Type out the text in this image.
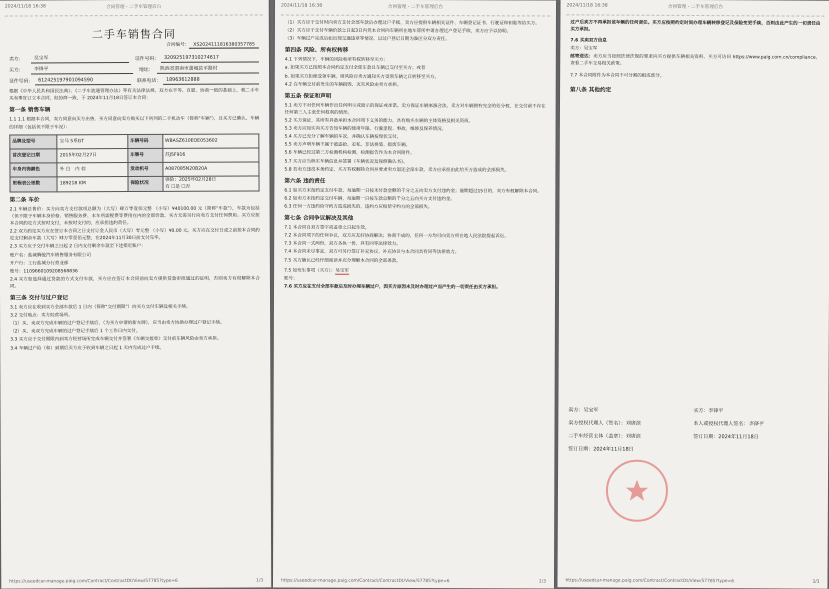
2024/11/18 16:38	合同管理 - 二手车管理后台
二手车销售合同
合同编号： XS2024111816380357785
卖方：	吴宝军	证件号码：	320925197310274617
买方：	李锋平	地址：	陕西省渭南市蒲城县平路村
证件号码：	612425197901094590	联系电话：	18963612888

根据《中华人民共和国民法典》、《二手车流通管理办法》等有关法律法规，双方在平等、自愿、协商一致的基础上，就二手车买卖事宜订立本合同，经协商一致，于 2024年11月18日签订本合同：

第一条 销售车辆

1.1 1.1 根据本合同，卖方同意向买方出售，买方同意向卖方购买以下所列的二手机动车（简称"车辆"），且买方已确认，车辆的详细（包括但不限于车况）：

品牌及型号	宝马 5系GT	车辆号码	WBASZ610EOE053602
首次登记日期	2015年02月27日	车牌号	苏J5F916
车身内饰颜色	外 白　 内 棕	发动机号	A087085N20B20A
里程表公里数	189218 KM	保险状况	强险：2025年02月28日
有 ☐是 ☐否
第二条 车价

2.1 车辆总售价：买方向卖方支付款项总额为（大写）肆万零壹佰元整 （小写）¥40100.00 元（简称"车款"），车款为包括（但不限于车辆本身价格、销售服务费、本车所需税费等费用在内的全部价款，买方无需另行向卖方支付任何费用。买方应按本合同约定方式按时支付，未按时支付的，应承担违约责任。

2.2 双方约定买方应在签订本合同之日支付订金人民币（大写）零元整 （小写）¥0.00 元。买方应在交付日或之前按本合同约定支付剩余车款（大写）肆万零壹佰元整，在2024年11月30日前支付完毕。

2.3 买方应于交付车辆之日起 2 日内支付剩余车款至下述指定账户：

账户名：盐城腾骏汽车销售服务有限公司

开户行：工行盐城分行营业部

账号：1109660109208568836

2.4 买方如选择通过贷款的方式支付车款，买方应在签订本合同前向卖方提供贷款审批通过的证明，否则卖方有权解除本合同。

第三条 交付与过户登记

3.1 卖方应在收到买方全部车款后 1 日内（简称"交付期限"）向买方交付车辆及相关手续。

3.2 交付地点：卖方经营场所。

（1）买、卖双方完成车辆的过户登记手续后，（为买方申请的新车牌），应当由卖方协助办理过户登记手续。

（2）买、卖双方完成车辆的过户登记手续后 1 个工作日内交付。

3.3 买方应于交付期限内到卖方经营场所完成车辆交付并签署《车辆交接单》交付前车辆风险由卖方承担。

3.4 车辆过户给（和）到期后买方应于收到车辆之日起 1 天内完成过户手续。

https://useedcar-manage.paig.com/Contract/ContractDt/View/57785?type=6	1/3
2024/11/18 16:38	合同管理 - 二手车管理后台

（1）买方应于交付时向卖方支付全部车款后办理过户手续，卖方应提供车辆相关证件、车辆登记证书、行驶证和钥匙等给买方。

（2）买方应于支付车辆价款之日起3日内凭本合同向车辆所在地车管所申请办理过户登记手续，卖方应予以协助。

（3）车辆过户完成后如出现交通违章等情况，以过户登记日期为准区分双方责任。

第四条 风险、所有权转移

4.1 下列情况下，车辆的风险和所有权转移至买方：

a. 如果买方已按照本合同约定支付全部车款且车辆已交付至买方；或者

b. 如果买方拒绝受领车辆，则风险自卖方通知买方受领车辆之日转移至买方。

4.2 在车辆交付前发生的车辆损毁、灭失风险由卖方承担。

第五条 保证和声明

5.1 卖方不对任何车辆作出任何明示或暗示的保证或承诺。卖方保证车辆来源合法，卖方对车辆拥有完全的处分权，在交付前不存在任何第三人主张任何权利的情形。

5.2 买方保证，其所有具备承担本合同项下义务的能力，具有购买车辆的主体资格及相关资质。

5.3 卖方应如实向买方告知车辆的使用年限、行驶里程、事故、维修及保养情况。

5.4 买方已充分了解车辆的车况，并确认车辆按现状交付。

5.5 卖方声明车辆不属于被盗抢、走私、非法拼装、报废车辆。

5.6 车辆已经过第三方检测机构检测，检测报告作为本合同附件。

5.7 买方应当核实车辆信息并签署《车辆状况及保修确认书》。

5.8 若卖方违反本条约定，买方有权解除合同并要求卖方退还全部车款，卖方应承担由此给买方造成的全部损失。

第六条 违约责任

6.1 如买方未按约定支付车款，每逾期一日按未付款金额的千分之五向卖方支付违约金；逾期超过15日的，卖方有权解除本合同。

6.2 如卖方未按约定交付车辆，每逾期一日按车款总额的千分之五向买方支付违约金。

6.3 任何一方违约给守约方造成损失的，违约方应赔偿守约方的全部损失。

第七条 合同争议解决及其他

7.1 本合同自双方签字或盖章之日起生效。

7.2 本合同项下的任何争议，双方应友好协商解决；协商不成的，任何一方均可向卖方所在地人民法院提起诉讼。

7.3 本合同一式两份，双方各执一份，具有同等法律效力。

7.4 本合同未尽事宜，双方可另行签订补充协议，补充协议与本合同具有同等法律效力。

7.5 买方确认已经仔细阅读并充分理解本合同的全部条款。

7.5 如发生事项（买方）：吴宝军

账号：

7.6 买方应在支付全部车款后及时办理车辆过户，因买方原因未及时办理过户而产生的一切责任由买方承担。

https://useedcar-manage.paig.com/Contract/ContractDt/View/57785?type=6	2/3
2024/11/18 16:38	合同管理 - 二手车管理后台

过户后卖方不再承担该车辆的任何责任。买方应按照约定时间办理车辆转移登记及保险变更手续，否则由此产生的一切责任由买方承担。

7.6 买卖双方信息

卖方：吴宝军

邮寄送达：卖方应当按照法律法规的要求向买方提供车辆相关资料，买方可访问 https://www.paig.com.cn/compliance，查看二手车交易相关政策。

7.7 本合同附件为本合同不可分割的组成部分。

第八条 其他约定
卖方：吴宝军	买方：李锋平
卖方授权代理人（签名）：刘唐滨	本人或授权代理人签名：李锋平
二手车经营主体（盖章）：刘唐滨	签订日期：2024年11月18日
签订日期：2024年11月18日
https://useedcar-manage.paig.com/Contract/ContractDt/View/57785?type=6	3/3
